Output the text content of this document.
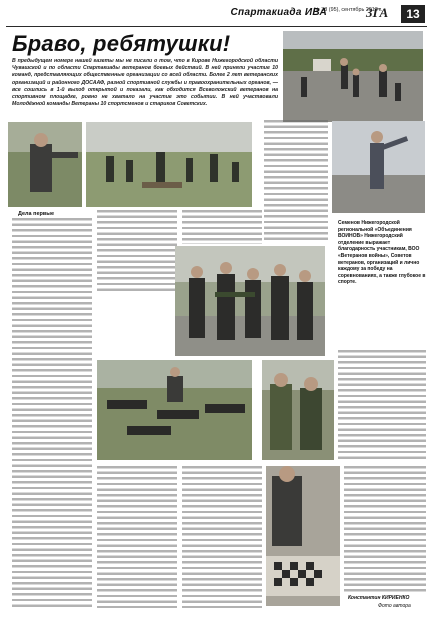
№ 38 (95), сентябрь 2013 г.
Спартакиада ИВА	ЗГА	13
Браво, ребятушки!
В предыдущем номере нашей газеты мы не писали о том, что в Кирове Нижегородской области Чувашской и по области Спартакиады ветеранов боевых действий. В ней приняли участие 10 команд, представляющих общественные организации со всей области. Более 2 лет ветеранских организаций и районного ДОСААФ, разной спортивной службы и правоохранительных органов, — все сошлись в 1-й выход открытой и показали, как обходится Всеволожский ветеранов на спортивном площадке, ровно не хватало на участие это событии. В ней участвовали Молодёжной команды Ветераны 10 спортсменов и стариков Советских.
Дела первые
Семенов Нижегородской региональной «Объединения ВОИНОВ» Нижегородский отделение выражает благодарность участникам, ВОО «Ветеранов войны», Советов ветеранов, организаций и лично каждому за победу на соревнованиях, а также глубокое в спорте.
Константин КИРИЕНКО
Фото автора
